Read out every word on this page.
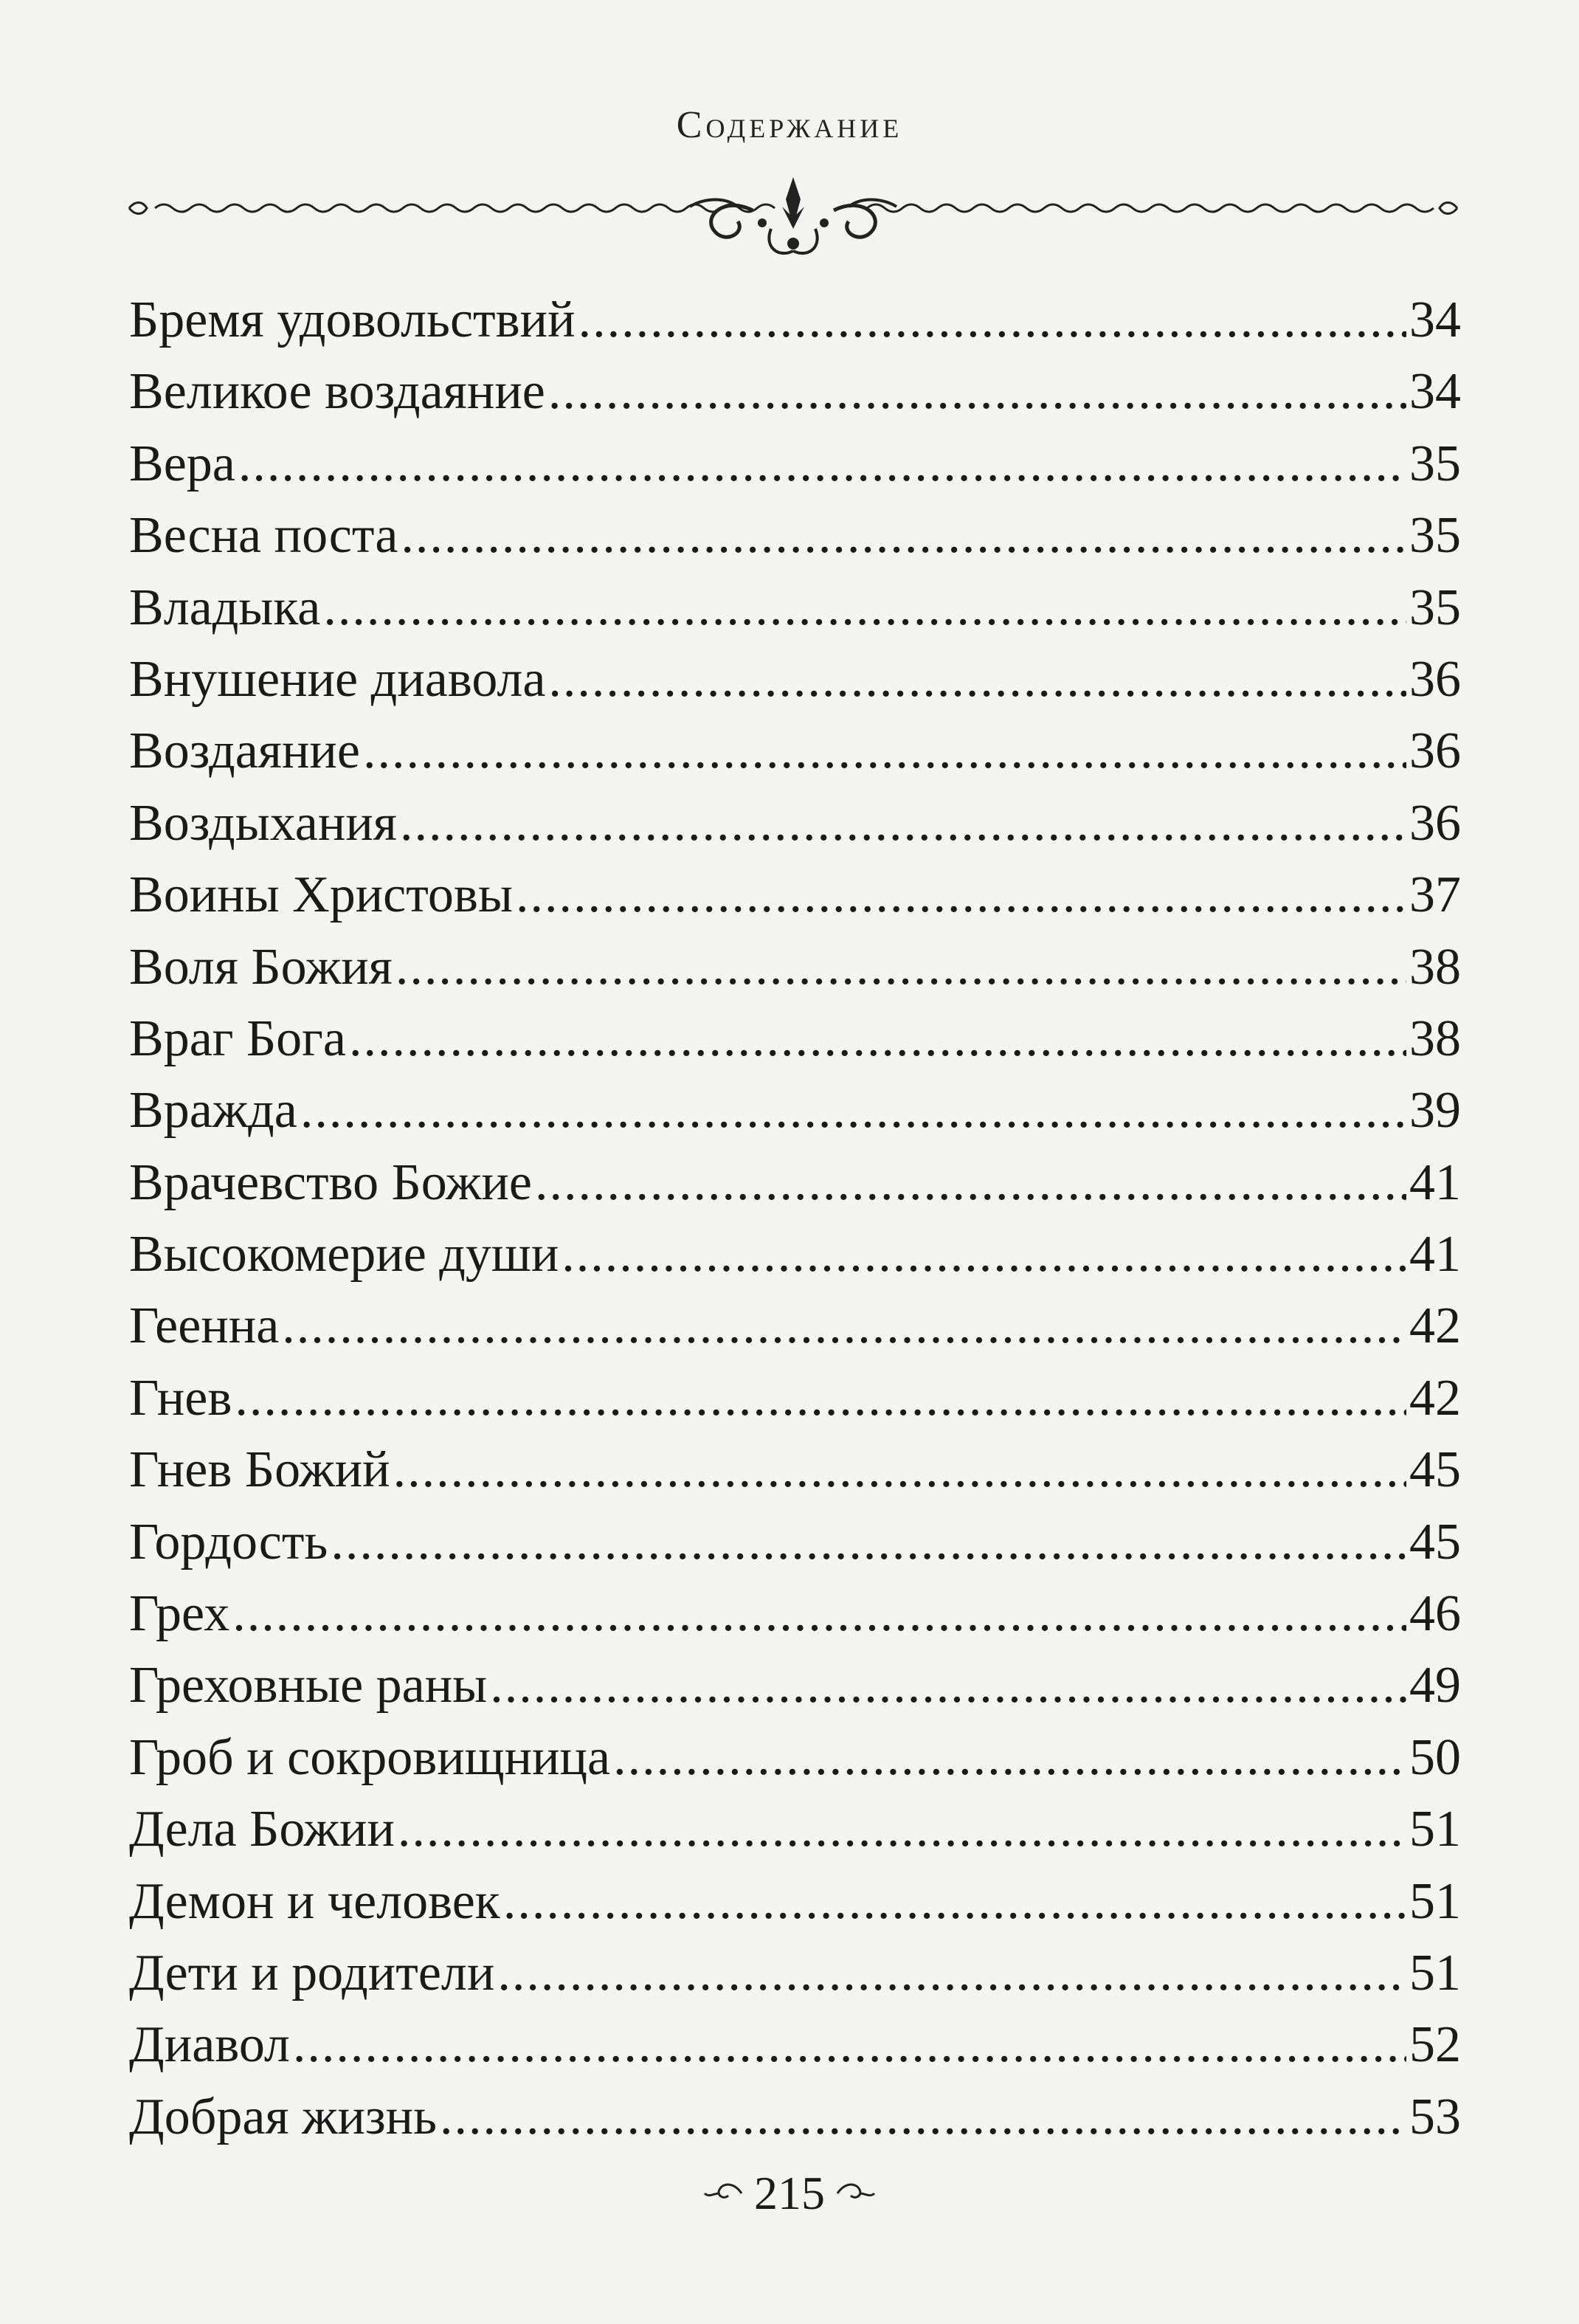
Содержание
Бремя удовольствий .....	34
Великое воздаяние .....	34
Вера .....	35
Весна поста .....	35
Владыка .....	35
Внушение диавола .....	36
Воздаяние .....	36
Воздыхания .....	36
Воины Христовы .....	37
Воля Божия .....	38
Враг Бога .....	38
Вражда .....	39
Врачевство Божие .....	41
Высокомерие души .....	41
Геенна .....	42
Гнев .....	42
Гнев Божий .....	45
Гордость .....	45
Грех .....	46
Греховные раны .....	49
Гроб и сокровищница .....	50
Дела Божии .....	51
Демон и человек .....	51
Дети и родители .....	51
Диавол .....	52
Добрая жизнь .....	53
215
